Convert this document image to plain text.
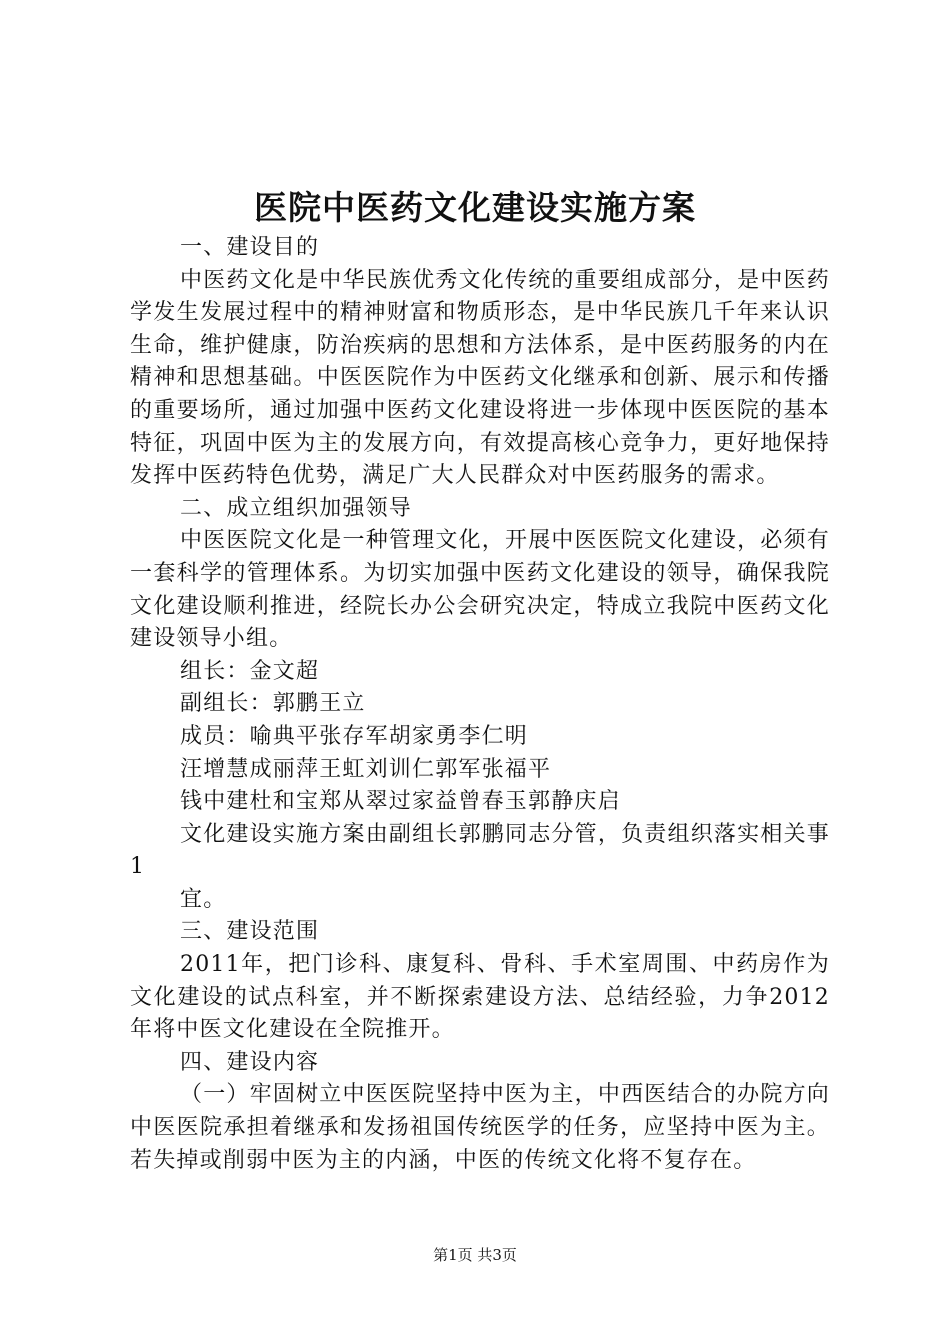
医院中医药文化建设实施方案

一、建设目的

中医药文化是中华民族优秀文化传统的重要组成部分，是中医药学发生发展过程中的精神财富和物质形态，是中华民族几千年来认识生命，维护健康，防治疾病的思想和方法体系，是中医药服务的内在精神和思想基础。中医医院作为中医药文化继承和创新、展示和传播的重要场所，通过加强中医药文化建设将进一步体现中医医院的基本特征，巩固中医为主的发展方向，有效提高核心竞争力，更好地保持发挥中医药特色优势，满足广大人民群众对中医药服务的需求。

二、成立组织加强领导

中医医院文化是一种管理文化，开展中医医院文化建设，必须有一套科学的管理体系。为切实加强中医药文化建设的领导，确保我院文化建设顺利推进，经院长办公会研究决定，特成立我院中医药文化建设领导小组。

组长：金文超

副组长：郭鹏王立

成员：喻典平张存军胡家勇李仁明

汪增慧成丽萍王虹刘训仁郭军张福平

钱中建杜和宝郑从翠过家益曾春玉郭静庆启

文化建设实施方案由副组长郭鹏同志分管，负责组织落实相关事1

宜。

三、建设范围

2011年，把门诊科、康复科、骨科、手术室周围、中药房作为文化建设的试点科室，并不断探索建设方法、总结经验，力争2012年将中医文化建设在全院推开。

四、建设内容

（一）牢固树立中医医院坚持中医为主，中西医结合的办院方向中医医院承担着继承和发扬祖国传统医学的任务，应坚持中医为主。若失掉或削弱中医为主的内涵，中医的传统文化将不复存在。

第1页 共3页
